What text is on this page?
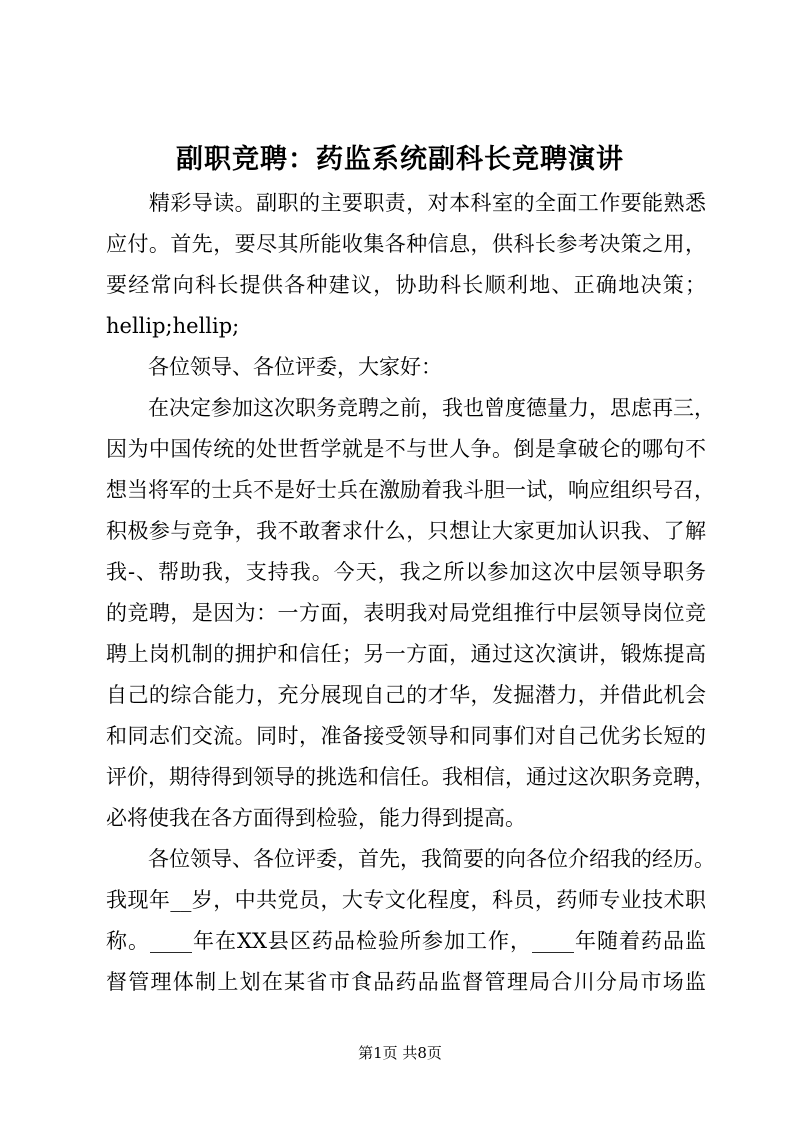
副职竞聘：药监系统副科长竞聘演讲
　　精彩导读。副职的主要职责，对本科室的全面工作要能熟悉
应付。首先，要尽其所能收集各种信息，供科长参考决策之用，
要经常向科长提供各种建议，协助科长顺利地、正确地决策；
hellip;hellip;
　　各位领导、各位评委，大家好：
　　在决定参加这次职务竞聘之前，我也曾度德量力，思虑再三，
因为中国传统的处世哲学就是不与世人争。倒是拿破仑的哪句不
想当将军的士兵不是好士兵在激励着我斗胆一试，响应组织号召，
积极参与竞争，我不敢奢求什么，只想让大家更加认识我、了解
我-、帮助我，支持我。今天，我之所以参加这次中层领导职务
的竞聘，是因为：一方面，表明我对局党组推行中层领导岗位竞
聘上岗机制的拥护和信任；另一方面，通过这次演讲，锻炼提高
自己的综合能力，充分展现自己的才华，发掘潜力，并借此机会
和同志们交流。同时，准备接受领导和同事们对自己优劣长短的
评价，期待得到领导的挑选和信任。我相信，通过这次职务竞聘，
必将使我在各方面得到检验，能力得到提高。
　　各位领导、各位评委，首先，我简要的向各位介绍我的经历。
我现年__岁，中共党员，大专文化程度，科员，药师专业技术职
称。____年在XX县区药品检验所参加工作，____年随着药品监
督管理体制上划在某省市食品药品监督管理局合川分局市场监
第1页 共8页
